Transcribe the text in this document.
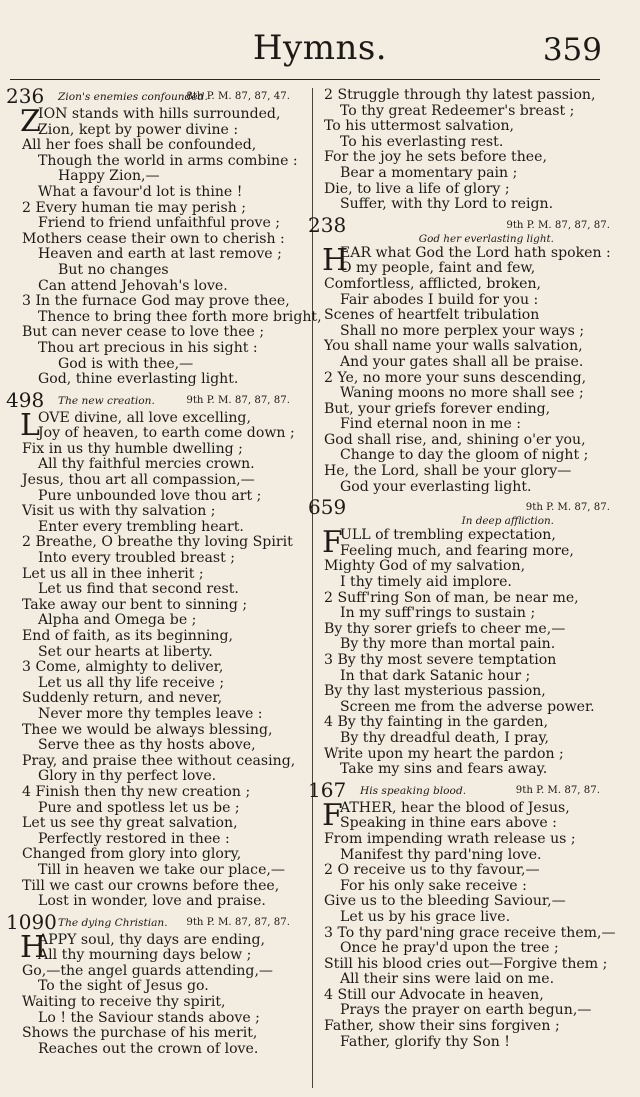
Hymns.	359
236 Zion's enemies confounded.
8th P. M. 87, 87, 47.
Z
ION stands with hills surrounded,
Zion, kept by power divine :
All her foes shall be confounded,
Though the world in arms combine :
Happy Zion,—
What a favour'd lot is thine !
2 Every human tie may perish ;
Friend to friend unfaithful prove ;
Mothers cease their own to cherish :
Heaven and earth at last remove ;
But no changes
Can attend Jehovah's love.
3 In the furnace God may prove thee,
Thence to bring thee forth more bright,
But can never cease to love thee ;
Thou art precious in his sight :
God is with thee,—
God, thine everlasting light.
498 The new creation.	9th P. M. 87, 87, 87.
L
OVE divine, all love excelling,
Joy of heaven, to earth come down ;
Fix in us thy humble dwelling ;
All thy faithful mercies crown.
Jesus, thou art all compassion,—
Pure unbounded love thou art ;
Visit us with thy salvation ;
Enter every trembling heart.
2 Breathe, O breathe thy loving Spirit
Into every troubled breast ;
Let us all in thee inherit ;
Let us find that second rest.
Take away our bent to sinning ;
Alpha and Omega be ;
End of faith, as its beginning,
Set our hearts at liberty.
3 Come, almighty to deliver,
Let us all thy life receive ;
Suddenly return, and never,
Never more thy temples leave :
Thee we would be always blessing,
Serve thee as thy hosts above,
Pray, and praise thee without ceasing,
Glory in thy perfect love.
4 Finish then thy new creation ;
Pure and spotless let us be ;
Let us see thy great salvation,
Perfectly restored in thee :
Changed from glory into glory,
Till in heaven we take our place,—
Till we cast our crowns before thee,
Lost in wonder, love and praise.
1090 The dying Christian. 9th P. M. 87, 87, 87.
H
APPY soul, thy days are ending,
All thy mourning days below ;
Go,—the angel guards attending,—
To the sight of Jesus go.
Waiting to receive thy spirit,
Lo ! the Saviour stands above ;
Shows the purchase of his merit,
Reaches out the crown of love.
2 Struggle through thy latest passion,
To thy great Redeemer's breast ;
To his uttermost salvation,
To his everlasting rest.
For the joy he sets before thee,
Bear a momentary pain ;
Die, to live a life of glory ;
Suffer, with thy Lord to reign.
238	9th P. M. 87, 87, 87.
God her everlasting light.
H
EAR what God the Lord hath spoken :
O my people, faint and few,
Comfortless, afflicted, broken,
Fair abodes I build for you :
Scenes of heartfelt tribulation
Shall no more perplex your ways ;
You shall name your walls salvation,
And your gates shall all be praise.
2 Ye, no more your suns descending,
Waning moons no more shall see ;
But, your griefs forever ending,
Find eternal noon in me :
God shall rise, and, shining o'er you,
Change to day the gloom of night ;
He, the Lord, shall be your glory—
God your everlasting light.
659	9th P. M. 87, 87.
In deep affliction.
F
ULL of trembling expectation,
Feeling much, and fearing more,
Mighty God of my salvation,
I thy timely aid implore.
2 Suff'ring Son of man, be near me,
In my suff'rings to sustain ;
By thy sorer griefs to cheer me,—
By thy more than mortal pain.
3 By thy most severe temptation
In that dark Satanic hour ;
By thy last mysterious passion,
Screen me from the adverse power.
4 By thy fainting in the garden,
By thy dreadful death, I pray,
Write upon my heart the pardon ;
Take my sins and fears away.
167 His speaking blood.	9th P. M. 87, 87.
F
ATHER, hear the blood of Jesus,
Speaking in thine ears above :
From impending wrath release us ;
Manifest thy pard'ning love.
2 O receive us to thy favour,—
For his only sake receive :
Give us to the bleeding Saviour,—
Let us by his grace live.
3 To thy pard'ning grace receive them,—
Once he pray'd upon the tree ;
Still his blood cries out—Forgive them ;
All their sins were laid on me.
4 Still our Advocate in heaven,
Prays the prayer on earth begun,—
Father, show their sins forgiven ;
Father, glorify thy Son !
